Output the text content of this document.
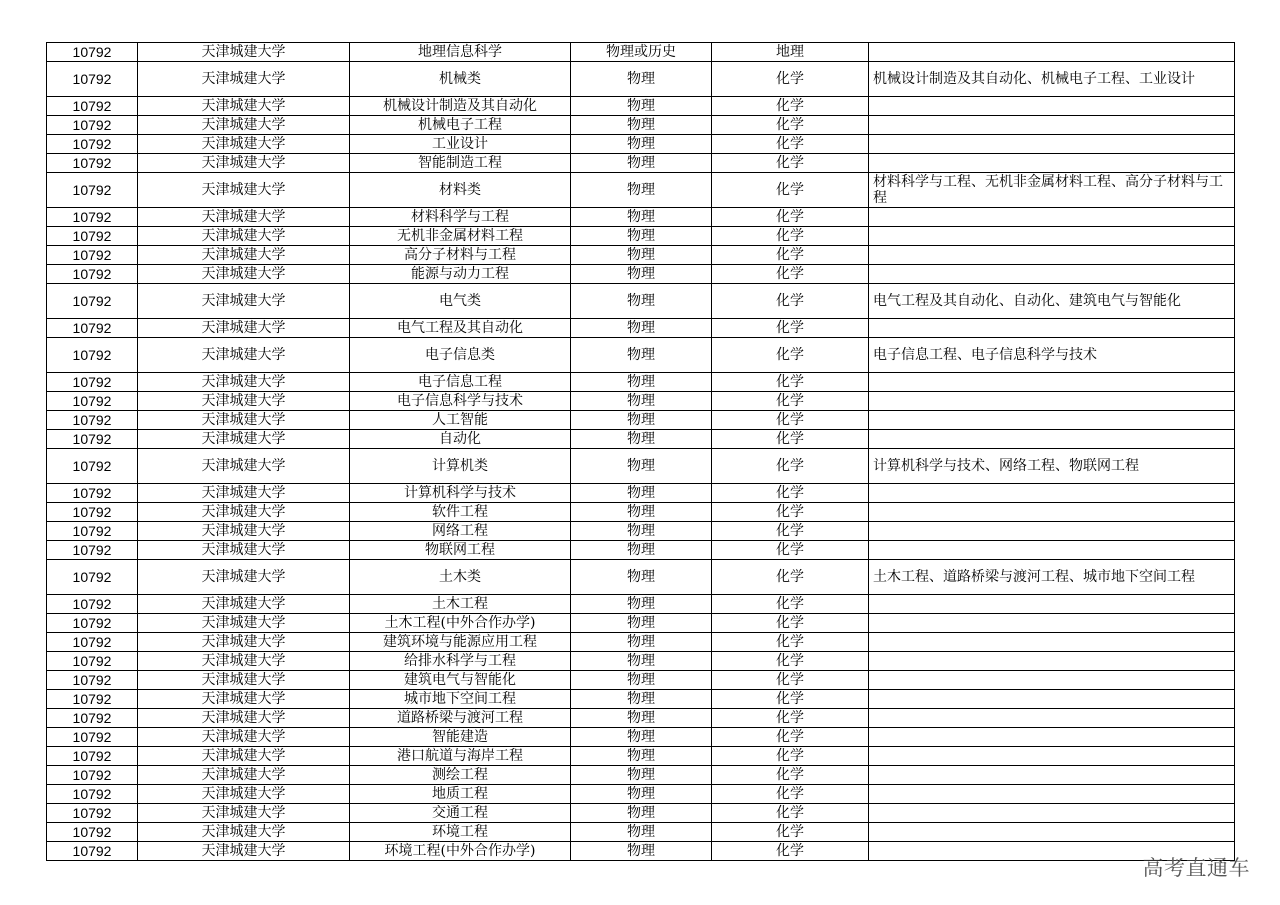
10792	天津城建大学	地理信息科学	物理或历史	地理	
10792	天津城建大学	机械类	物理	化学	机械设计制造及其自动化、机械电子工程、工业设计
10792	天津城建大学	机械设计制造及其自动化	物理	化学	
10792	天津城建大学	机械电子工程	物理	化学	
10792	天津城建大学	工业设计	物理	化学	
10792	天津城建大学	智能制造工程	物理	化学	
10792	天津城建大学	材料类	物理	化学	材料科学与工程、无机非金属材料工程、高分子材料与工程
10792	天津城建大学	材料科学与工程	物理	化学	
10792	天津城建大学	无机非金属材料工程	物理	化学	
10792	天津城建大学	高分子材料与工程	物理	化学	
10792	天津城建大学	能源与动力工程	物理	化学	
10792	天津城建大学	电气类	物理	化学	电气工程及其自动化、自动化、建筑电气与智能化
10792	天津城建大学	电气工程及其自动化	物理	化学	
10792	天津城建大学	电子信息类	物理	化学	电子信息工程、电子信息科学与技术
10792	天津城建大学	电子信息工程	物理	化学	
10792	天津城建大学	电子信息科学与技术	物理	化学	
10792	天津城建大学	人工智能	物理	化学	
10792	天津城建大学	自动化	物理	化学	
10792	天津城建大学	计算机类	物理	化学	计算机科学与技术、网络工程、物联网工程
10792	天津城建大学	计算机科学与技术	物理	化学	
10792	天津城建大学	软件工程	物理	化学	
10792	天津城建大学	网络工程	物理	化学	
10792	天津城建大学	物联网工程	物理	化学	
10792	天津城建大学	土木类	物理	化学	土木工程、道路桥梁与渡河工程、城市地下空间工程
10792	天津城建大学	土木工程	物理	化学	
10792	天津城建大学	土木工程(中外合作办学)	物理	化学	
10792	天津城建大学	建筑环境与能源应用工程	物理	化学	
10792	天津城建大学	给排水科学与工程	物理	化学	
10792	天津城建大学	建筑电气与智能化	物理	化学	
10792	天津城建大学	城市地下空间工程	物理	化学	
10792	天津城建大学	道路桥梁与渡河工程	物理	化学	
10792	天津城建大学	智能建造	物理	化学	
10792	天津城建大学	港口航道与海岸工程	物理	化学	
10792	天津城建大学	测绘工程	物理	化学	
10792	天津城建大学	地质工程	物理	化学	
10792	天津城建大学	交通工程	物理	化学	
10792	天津城建大学	环境工程	物理	化学	
10792	天津城建大学	环境工程(中外合作办学)	物理	化学	
高考直通车
